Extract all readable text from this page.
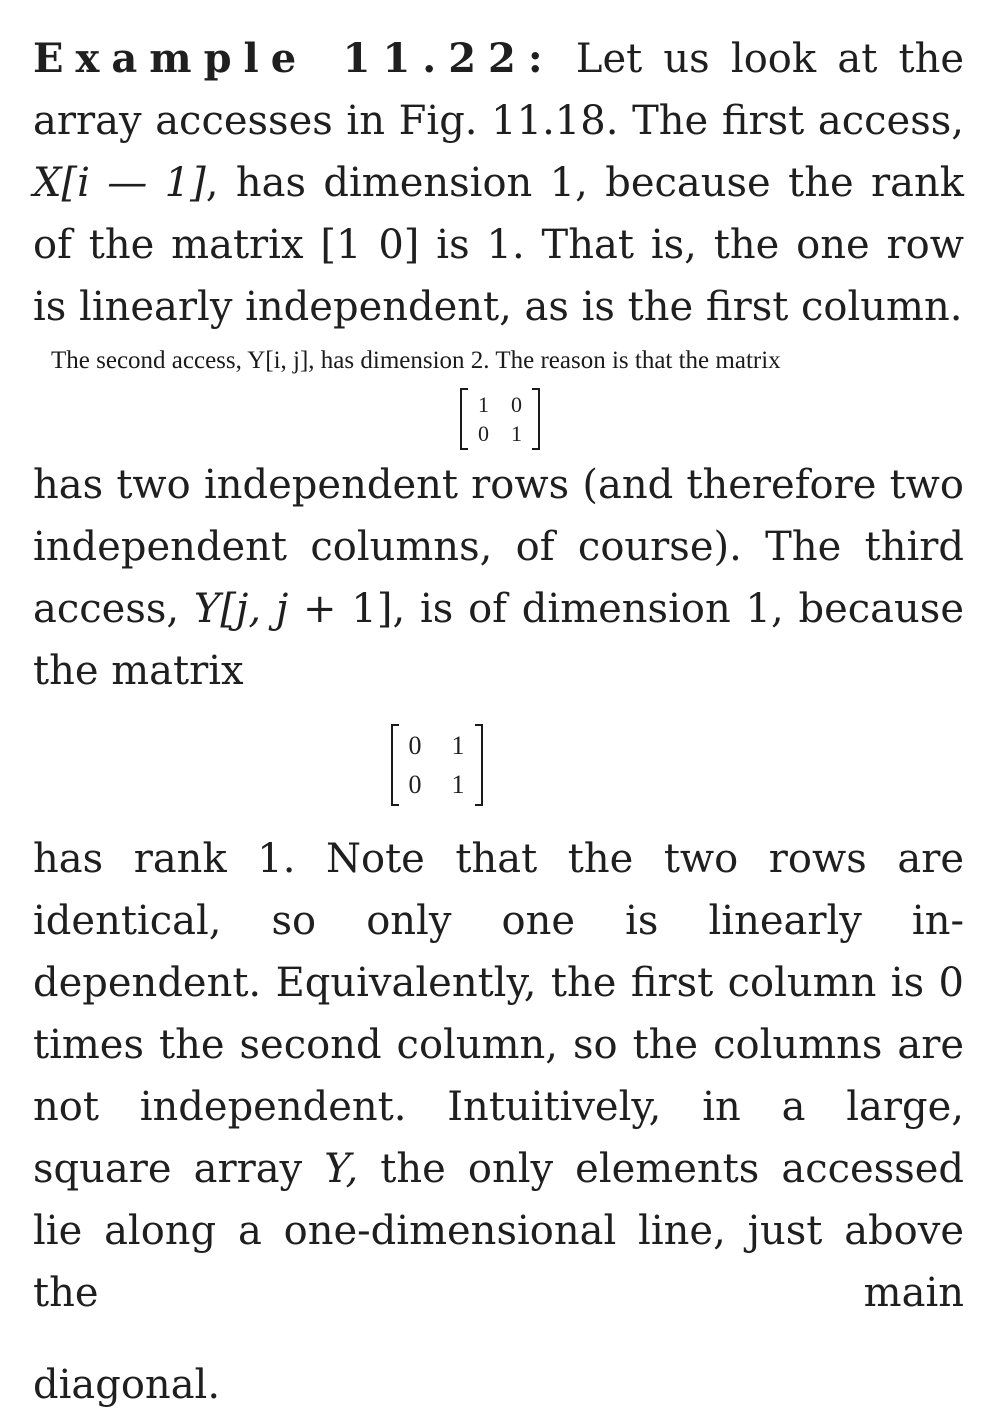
Example 11.22: Let us look at the array accesses in Fig. 11.18. The first access, X[i — 1], has dimension 1, because the rank of the matrix [1 0] is 1. That is, the one row is linearly independent, as is the first column.

The second access, Y[i, j], has dimension 2. The reason is that the matrix
1 0
0 1

has two independent rows (and therefore two independent columns, of course). The third access, Y[j, j + 1], is of dimension 1, because the matrix

0 1
0 1

has rank 1. Note that the two rows are identical, so only one is linearly in-dependent. Equivalently, the first column is 0 times the second column, so the columns are not independent. Intuitively, in a large, square array Y, the only elements accessed lie along a one-dimensional line, just above the main

diagonal.
